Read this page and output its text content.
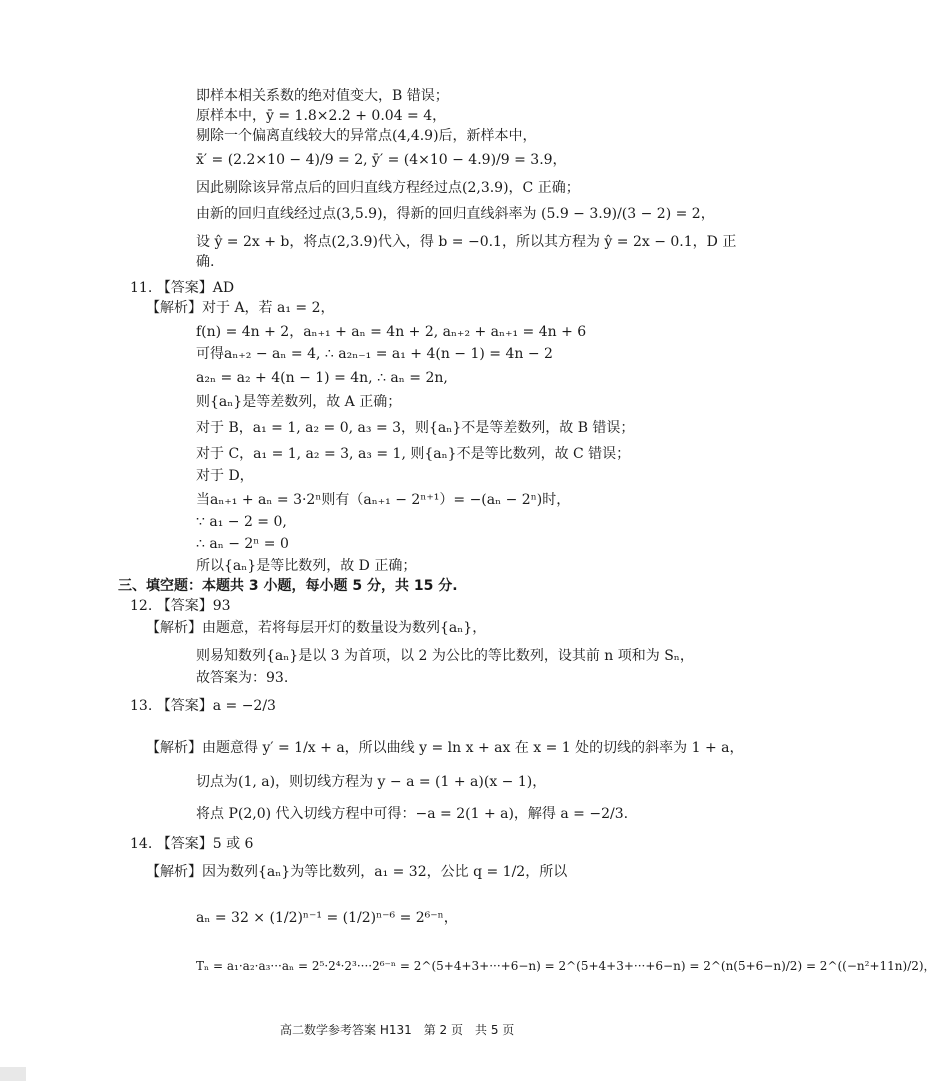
即样本相关系数的绝对值变大，B 错误；
原样本中，ȳ = 1.8×2.2 + 0.04 = 4，
剔除一个偏离直线较大的异常点(4,4.9)后，新样本中，
x̄′ = (2.2×10 − 4)/9 = 2, ȳ′ = (4×10 − 4.9)/9 = 3.9，
因此剔除该异常点后的回归直线方程经过点(2,3.9)，C 正确；
由新的回归直线经过点(3,5.9)，得新的回归直线斜率为 (5.9 − 3.9)/(3 − 2) = 2，
设 ŷ = 2x + b，将点(2,3.9)代入，得 b = −0.1，所以其方程为 ŷ = 2x − 0.1，D 正
确.
11. 【答案】AD
【解析】对于 A，若 a₁ = 2，
f(n) = 4n + 2，aₙ₊₁ + aₙ = 4n + 2, aₙ₊₂ + aₙ₊₁ = 4n + 6
可得aₙ₊₂ − aₙ = 4, ∴ a₂ₙ₋₁ = a₁ + 4(n − 1) = 4n − 2
a₂ₙ = a₂ + 4(n − 1) = 4n, ∴ aₙ = 2n,
则{aₙ}是等差数列，故 A 正确；
对于 B，a₁ = 1, a₂ = 0, a₃ = 3，则{aₙ}不是等差数列，故 B 错误；
对于 C，a₁ = 1, a₂ = 3, a₃ = 1, 则{aₙ}不是等比数列，故 C 错误；
对于 D，
当aₙ₊₁ + aₙ = 3·2ⁿ则有（aₙ₊₁ − 2ⁿ⁺¹）= −(aₙ − 2ⁿ)时，
∵ a₁ − 2 = 0,
∴ aₙ − 2ⁿ = 0
所以{aₙ}是等比数列，故 D 正确；
三、填空题：本题共 3 小题，每小题 5 分，共 15 分.
12. 【答案】93
【解析】由题意，若将每层开灯的数量设为数列{aₙ}，
则易知数列{aₙ}是以 3 为首项，以 2 为公比的等比数列，设其前 n 项和为 Sₙ，
故答案为：93.
13. 【答案】a = −2/3
【解析】由题意得 y′ = 1/x + a，所以曲线 y = ln x + ax 在 x = 1 处的切线的斜率为 1 + a，
切点为(1, a)，则切线方程为 y − a = (1 + a)(x − 1)，
将点 P(2,0) 代入切线方程中可得：−a = 2(1 + a)，解得 a = −2/3.
14. 【答案】5 或 6
【解析】因为数列{aₙ}为等比数列，a₁ = 32，公比 q = 1/2，所以
aₙ = 32 × (1/2)ⁿ⁻¹ = (1/2)ⁿ⁻⁶ = 2⁶⁻ⁿ，
Tₙ = a₁·a₂·a₃···aₙ = 2⁵·2⁴·2³····2⁶⁻ⁿ = 2^(5+4+3+···+6−n) = 2^(5+4+3+···+6−n) = 2^(n(5+6−n)/2) = 2^((−n²+11n)/2)，
高二数学参考答案 H131　第 2 页　共 5 页
